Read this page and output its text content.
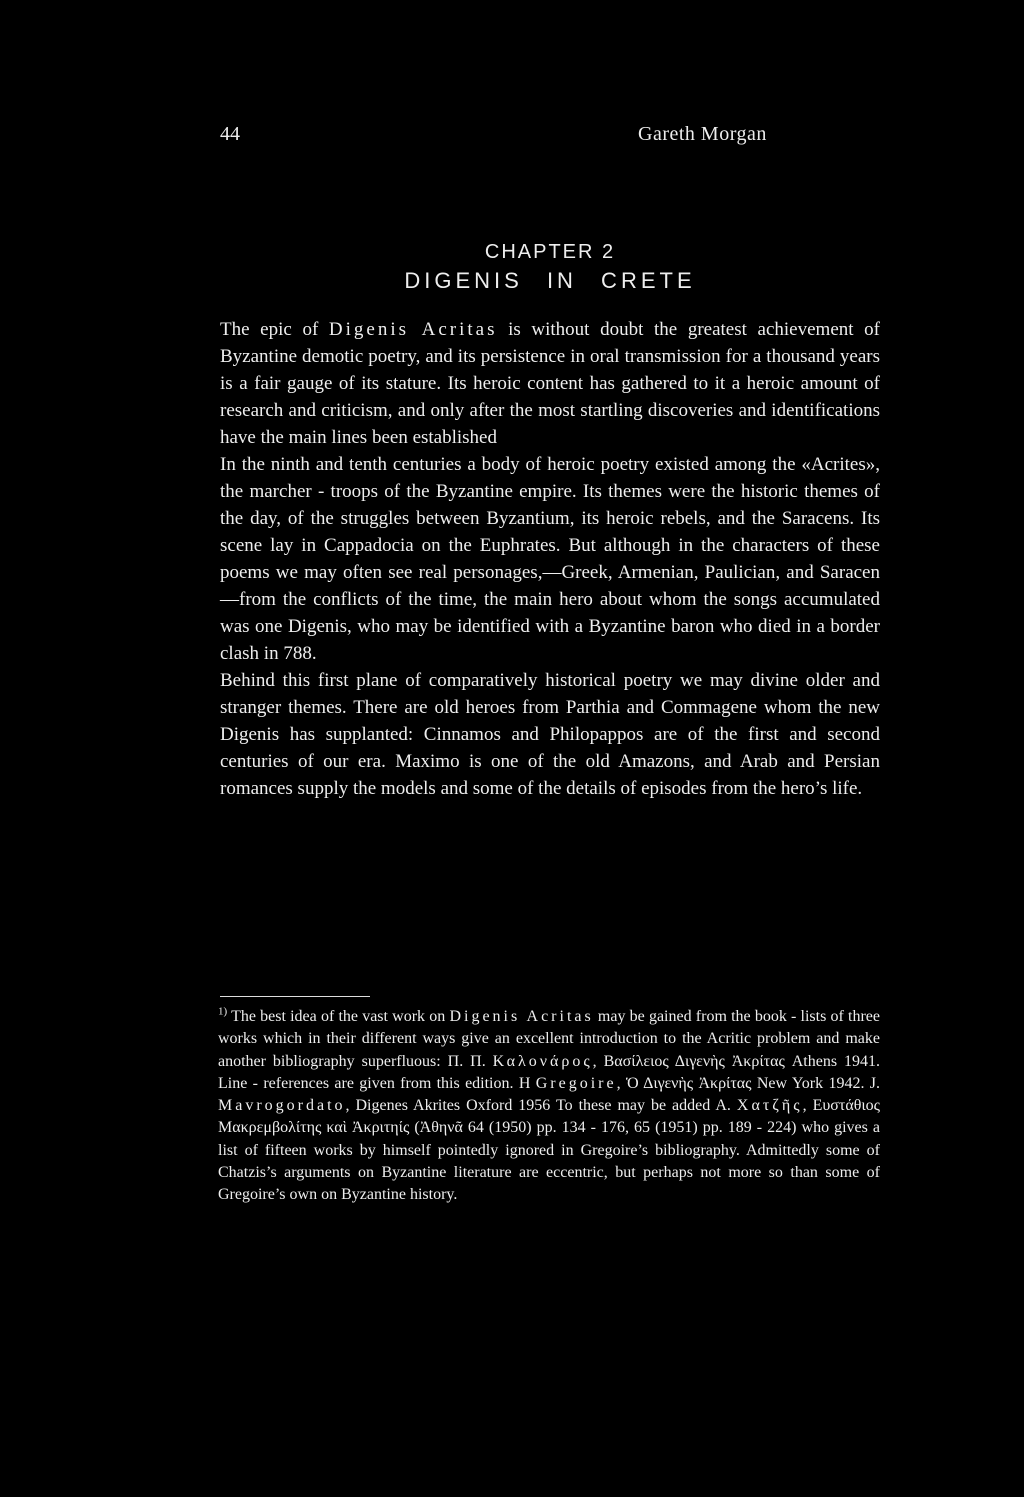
44	Gareth Morgan
CHAPTER 2
DIGENIS IN CRETE

The epic of Digenis Acritas is without doubt the greatest achievement of Byzantine demotic poetry, and its persistence in oral transmission for a thousand years is a fair gauge of its stature. Its heroic content has gathered to it a heroic amount of research and criticism, and only after the most startling discoveries and identifications have the main lines been established

In the ninth and tenth centuries a body of heroic poetry existed among the «Acrites», the marcher - troops of the Byzantine empire. Its themes were the historic themes of the day, of the struggles between Byzantium, its heroic rebels, and the Saracens. Its scene lay in Cappadocia on the Euphrates. But although in the characters of these poems we may often see real personages,—Greek, Armenian, Paulician, and Saracen—from the conflicts of the time, the main hero about whom the songs accumulated was one Digenis, who may be identified with a Byzantine baron who died in a border clash in 788.

Behind this first plane of comparatively historical poetry we may divine older and stranger themes. There are old heroes from Parthia and Commagene whom the new Digenis has supplanted: Cinnamos and Philopappos are of the first and second centuries of our era. Maximo is one of the old Amazons, and Arab and Persian romances supply the models and some of the details of episodes from the hero’s life.

$^{1)}$ The best idea of the vast work on Digenis Acritas may be gained from the book - lists of three works which in their different ways give an excellent introduction to the Acritic problem and make another bibliography superfluous: Π. Π. Καλονάρος, Βασίλειος Διγενὴς Ἀκρίτας Athens 1941. Line - references are given from this edition. H Gregoire, Ὁ Διγενὴς Ἀκρίτας New York 1942. J. Mavrogordato, Digenes Akrites Oxford 1956 To these may be added A. Χατζῆς, Ευστάθιος Μακρεμβολίτης καὶ Ἀκριτηίς (Ἀθηνᾶ 64 (1950) pp. 134 - 176, 65 (1951) pp. 189 - 224) who gives a list of fifteen works by himself pointedly ignored in Gregoire’s bibliography. Admittedly some of Chatzis’s arguments on Byzantine literature are eccentric, but perhaps not more so than some of Gregoire’s own on Byzantine history.
